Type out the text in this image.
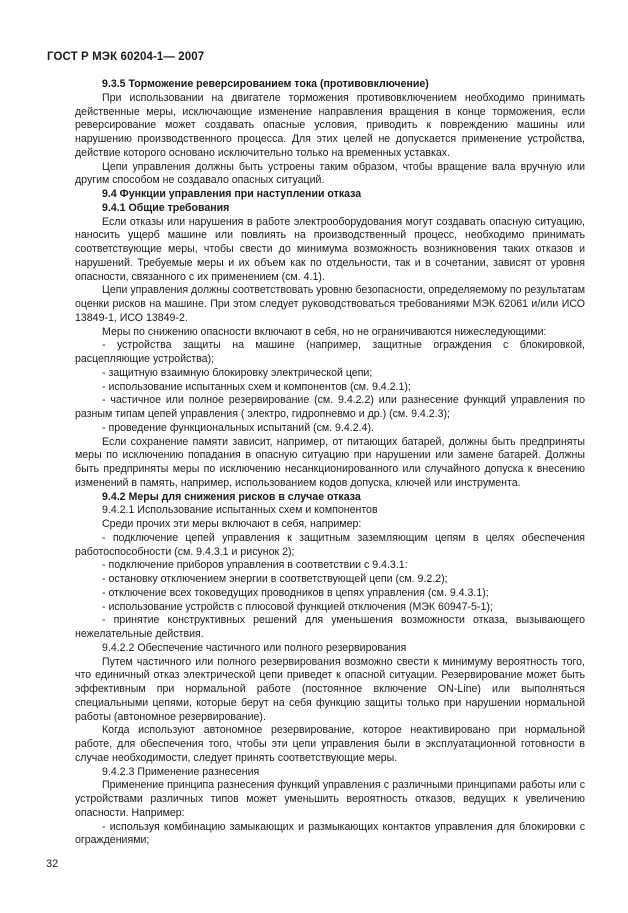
ГОСТ Р МЭК 60204-1— 2007

9.3.5 Торможение реверсированием тока (противовключение)

При использовании на двигателе торможения противовключением необходимо принимать действенные меры, исключающие изменение направления вращения в конце торможения, если реверсирование может создавать опасные условия, приводить к повреждению машины или нарушению производственного процесса. Для этих целей не допускается применение устройства, действие которого основано исключительно только на временных уставках.

Цепи управления должны быть устроены таким образом, чтобы вращение вала вручную или другим способом не создавало опасных ситуаций.

9.4 Функции управления при наступлении отказа

9.4.1 Общие требования

Если отказы или нарушения в работе электрооборудования могут создавать опасную ситуацию, наносить ущерб машине или повлиять на производственный процесс, необходимо принимать соответствующие меры, чтобы свести до минимума возможность возникновения таких отказов и нарушений. Требуемые меры и их объем как по отдельности, так и в сочетании, зависят от уровня опасности, связанного с их применением (см. 4.1).

Цепи управления должны соответствовать уровню безопасности, определяемому по результатам оценки рисков на машине. При этом следует руководствоваться требованиями МЭК 62061 и/или ИСО 13849-1, ИСО 13849-2.

Меры по снижению опасности включают в себя, но не ограничиваются нижеследующими:

- устройства защиты на машине (например, защитные ограждения с блокировкой, расцепляющие устройства);

- защитную взаимную блокировку электрической цепи;

- использование испытанных схем и компонентов (см. 9.4.2.1);

- частичное или полное резервирование (см. 9.4.2.2) или разнесение функций управления по разным типам цепей управления ( электро, гидропневмо и др.) (см. 9.4.2.3);

- проведение функциональных испытаний (см. 9.4.2.4).

Если сохранение памяти зависит, например, от питающих батарей, должны быть предприняты меры по исключению попадания в опасную ситуацию при нарушении или замене батарей. Должны быть предприняты меры по исключению несанкционированного или случайного допуска к внесению изменений в память, например, использованием кодов допуска, ключей или инструмента.

9.4.2 Меры для снижения рисков в случае отказа

9.4.2.1 Использование испытанных схем и компонентов

Среди прочих эти меры включают в себя, например:

- подключение цепей управления к защитным заземляющим цепям в целях обеспечения работоспособности (см. 9.4.3.1 и рисунок 2);

- подключение приборов управления в соответствии с 9.4.3.1:

- остановку отключением энергии в соответствующей цепи (см. 9.2.2);

- отключение всех токоведущих проводников в цепях управления (см. 9.4.3.1);

- использование устройств с плюсовой функцией отключения (МЭК 60947-5-1);

- принятие конструктивных решений для уменьшения возможности отказа, вызывающего нежелательные действия.

9.4.2.2 Обеспечение частичного или полного резервирования

Путем частичного или полного резервирования возможно свести к минимуму вероятность того, что единичный отказ электрической цепи приведет к опасной ситуации. Резервирование может быть эффективным при нормальной работе (постоянное включение ON-Line) или выполняться специальными цепями, которые берут на себя функцию защиты только при нарушении нормальной работы (автономное резервирование).

Когда используют автономное резервирование, которое неактивировано при нормальной работе, для обеспечения того, чтобы эти цепи управления были в эксплуатационной готовности в случае необходимости, следует принять соответствующие меры.

9.4.2.3 Применение разнесения

Применение принципа разнесения функций управления с различными принципами работы или с устройствами различных типов может уменьшить вероятность отказов, ведущих к увеличению опасности. Например:

- используя комбинацию замыкающих и размыкающих контактов управления для блокировки с ограждениями;

32
